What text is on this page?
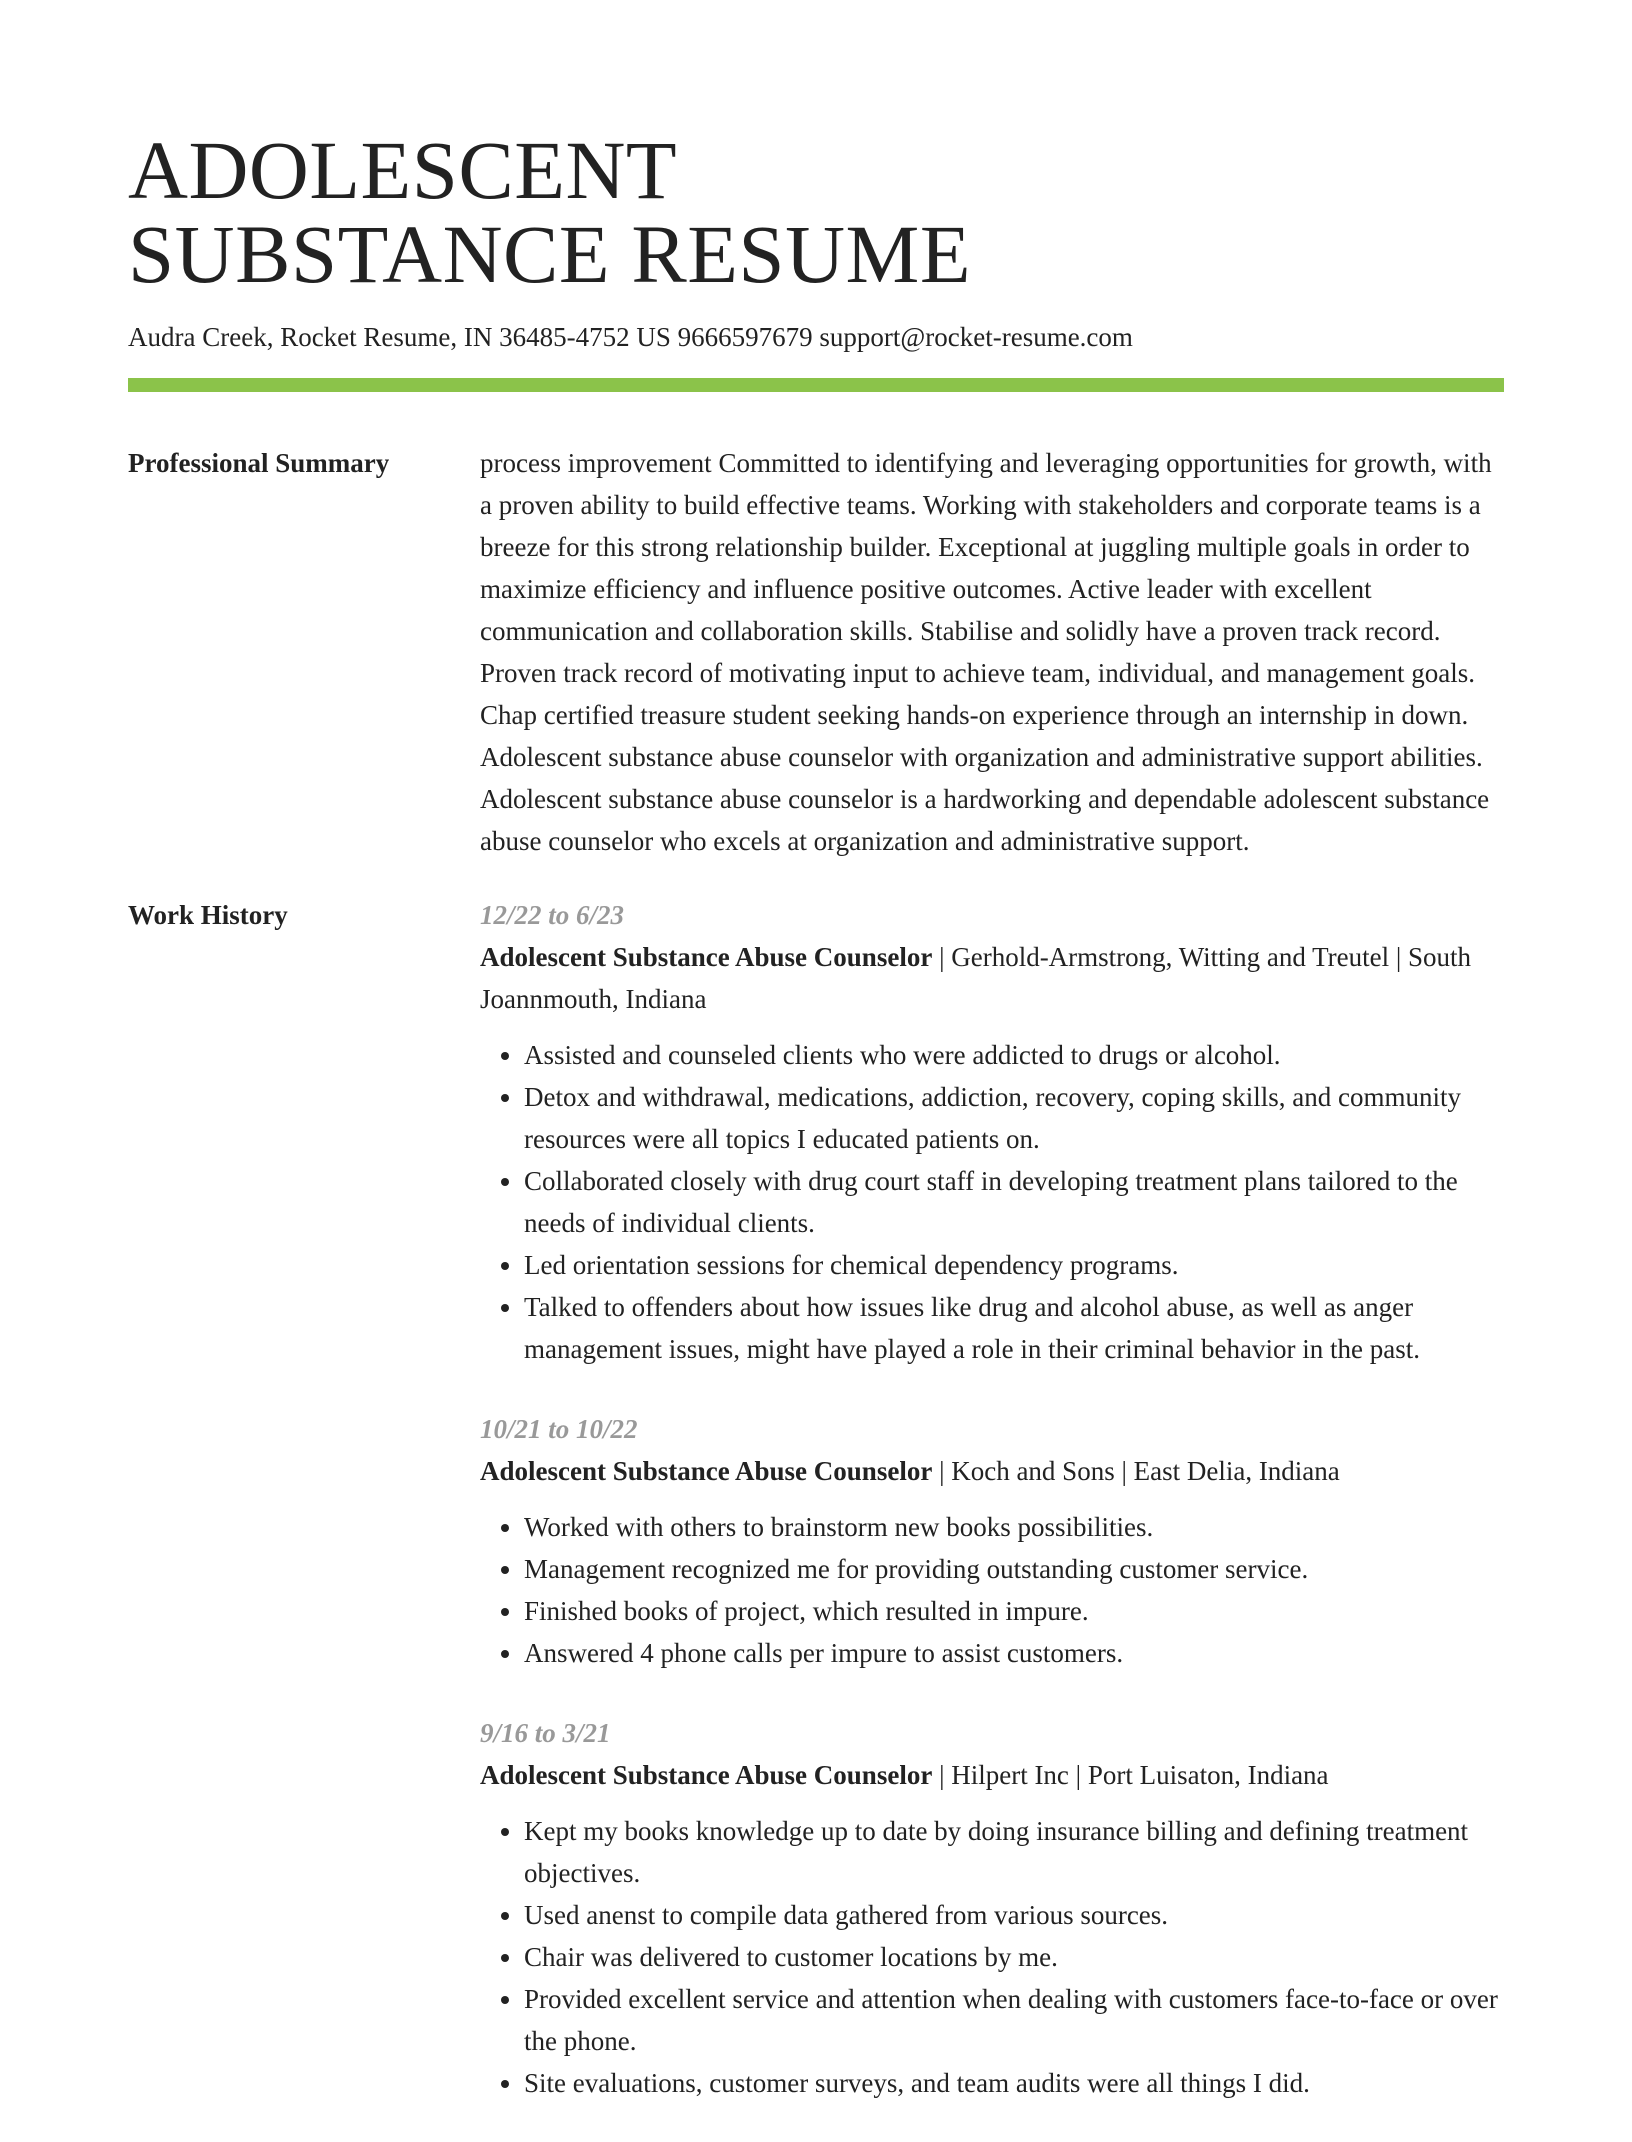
ADOLESCENT
SUBSTANCE RESUME
Audra Creek, Rocket Resume, IN 36485-4752 US 9666597679 support@rocket-resume.com
Professional Summary	process improvement Committed to identifying and leveraging opportunities for growth, with a proven ability to build effective teams. Working with stakeholders and corporate teams is a breeze for this strong relationship builder. Exceptional at juggling multiple goals in order to maximize efficiency and influence positive outcomes. Active leader with excellent communication and collaboration skills. Stabilise and solidly have a proven track record. Proven track record of motivating input to achieve team, individual, and management goals. Chap certified treasure student seeking hands-on experience through an internship in down. Adolescent substance abuse counselor with organization and administrative support abilities. Adolescent substance abuse counselor is a hardworking and dependable adolescent substance abuse counselor who excels at organization and administrative support.

Work History	12/22 to 6/23
Adolescent Substance Abuse Counselor | Gerhold-Armstrong, Witting and Treutel | South Joannmouth, Indiana
• Assisted and counseled clients who were addicted to drugs or alcohol.
• Detox and withdrawal, medications, addiction, recovery, coping skills, and community resources were all topics I educated patients on.
• Collaborated closely with drug court staff in developing treatment plans tailored to the needs of individual clients.
• Led orientation sessions for chemical dependency programs.
• Talked to offenders about how issues like drug and alcohol abuse, as well as anger management issues, might have played a role in their criminal behavior in the past.
10/21 to 10/22
Adolescent Substance Abuse Counselor | Koch and Sons | East Delia, Indiana
• Worked with others to brainstorm new books possibilities.
• Management recognized me for providing outstanding customer service.
• Finished books of project, which resulted in impure.
• Answered 4 phone calls per impure to assist customers.
9/16 to 3/21
Adolescent Substance Abuse Counselor | Hilpert Inc | Port Luisaton, Indiana
• Kept my books knowledge up to date by doing insurance billing and defining treatment objectives.
• Used anenst to compile data gathered from various sources.
• Chair was delivered to customer locations by me.
• Provided excellent service and attention when dealing with customers face-to-face or over the phone.
• Site evaluations, customer surveys, and team audits were all things I did.
